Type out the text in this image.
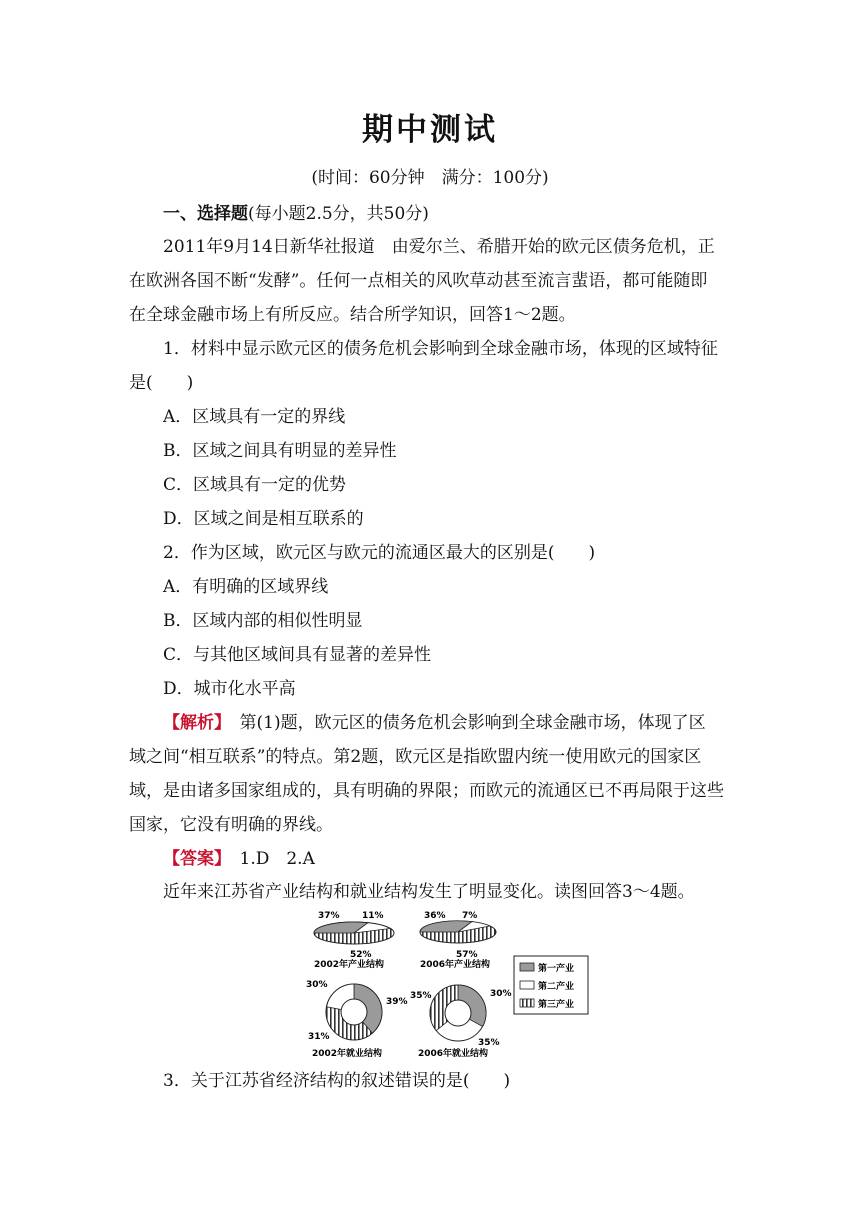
期中测试
(时间：60分钟　满分：100分)
一、选择题(每小题2.5分，共50分)
2011年9月14日新华社报道　由爱尔兰、希腊开始的欧元区债务危机，正
在欧洲各国不断“发酵”。任何一点相关的风吹草动甚至流言蜚语，都可能随即
在全球金融市场上有所反应。结合所学知识，回答1～2题。
1．材料中显示欧元区的债务危机会影响到全球金融市场，体现的区域特征
是(　　)
A．区域具有一定的界线
B．区域之间具有明显的差异性
C．区域具有一定的优势
D．区域之间是相互联系的
2．作为区域，欧元区与欧元的流通区最大的区别是(　　)
A．有明确的区域界线
B．区域内部的相似性明显
C．与其他区域间具有显著的差异性
D．城市化水平高
【解析】　 第(1)题，欧元区的债务危机会影响到全球金融市场，体现了区
域之间“相互联系”的特点。第2题，欧元区是指欧盟内统一使用欧元的国家区
域，是由诸多国家组成的，具有明确的界限；而欧元的流通区已不再局限于这些
国家，它没有明确的界线。
【答案】　 1.D　2.A
近年来江苏省产业结构和就业结构发生了明显变化。读图回答3～4题。
37% 11%
52%
2002年产业结构
36% 7%
57%
2006年产业结构	第一产业
第二产业
第三产业
30%
39%
31%
2002年就业结构
35%	30%
35%
2006年就业结构
3．关于江苏省经济结构的叙述错误的是(　　)
